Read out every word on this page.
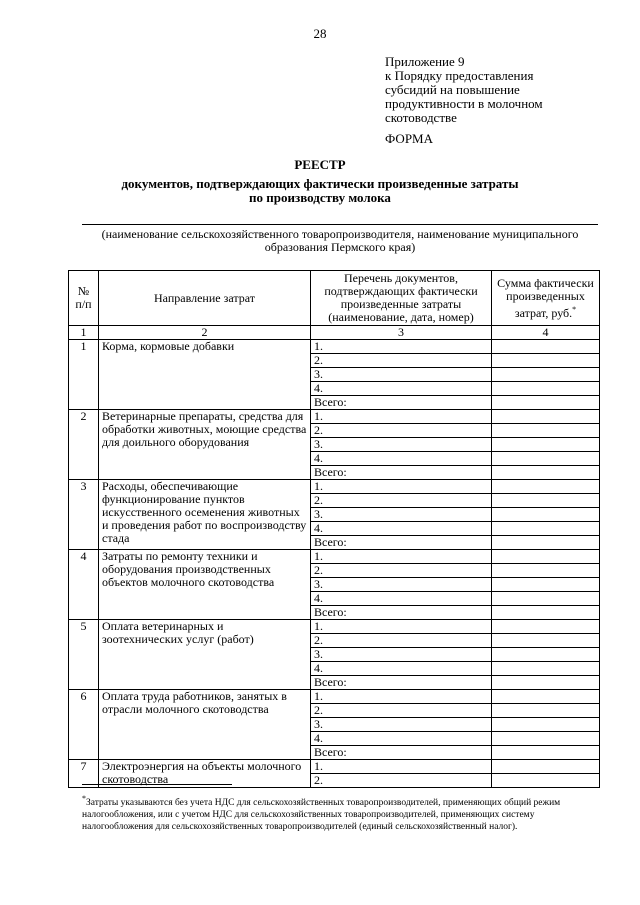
28
Приложение 9
к Порядку предоставления
субсидий на повышение
продуктивности в молочном
скотоводстве
ФОРМА
РЕЕСТР
документов, подтверждающих фактически произведенные затраты
по производству молока
(наименование сельскохозяйственного товаропроизводителя, наименование муниципального
образования Пермского края)
№ п/п	Направление затрат	Перечень документов, подтверждающих фактически произведенные затраты (наименование, дата, номер)	Сумма фактически произведенных затрат, руб.*
1	2	3	4
1	Корма, кормовые добавки	1.	
		2.	
		3.	
		4.	
		Всего:	
2	Ветеринарные препараты, средства для обработки животных, моющие средства для доильного оборудования	1.	
		2.	
		3.	
		4.	
		Всего:	
3	Расходы, обеспечивающие функционирование пунктов искусственного осеменения животных и проведения работ по воспроизводству стада	1.	
		2.	
		3.	
		4.	
		Всего:	
4	Затраты по ремонту техники и оборудования производственных объектов молочного скотоводства	1.	
		2.	
		3.	
		4.	
		Всего:	
5	Оплата ветеринарных и зоотехнических услуг (работ)	1.	
		2.	
		3.	
		4.	
		Всего:	
6	Оплата труда работников, занятых в отрасли молочного скотоводства	1.	
		2.	
		3.	
		4.	
		Всего:	
7	Электроэнергия на объекты молочного скотоводства	1.	
		2.	
*Затраты указываются без учета НДС для сельскохозяйственных товаропроизводителей, применяющих общий режим налогообложения, или с учетом НДС для сельскохозяйственных товаропроизводителей, применяющих систему налогообложения для сельскохозяйственных товаропроизводителей (единый сельскохозяйственный налог).
